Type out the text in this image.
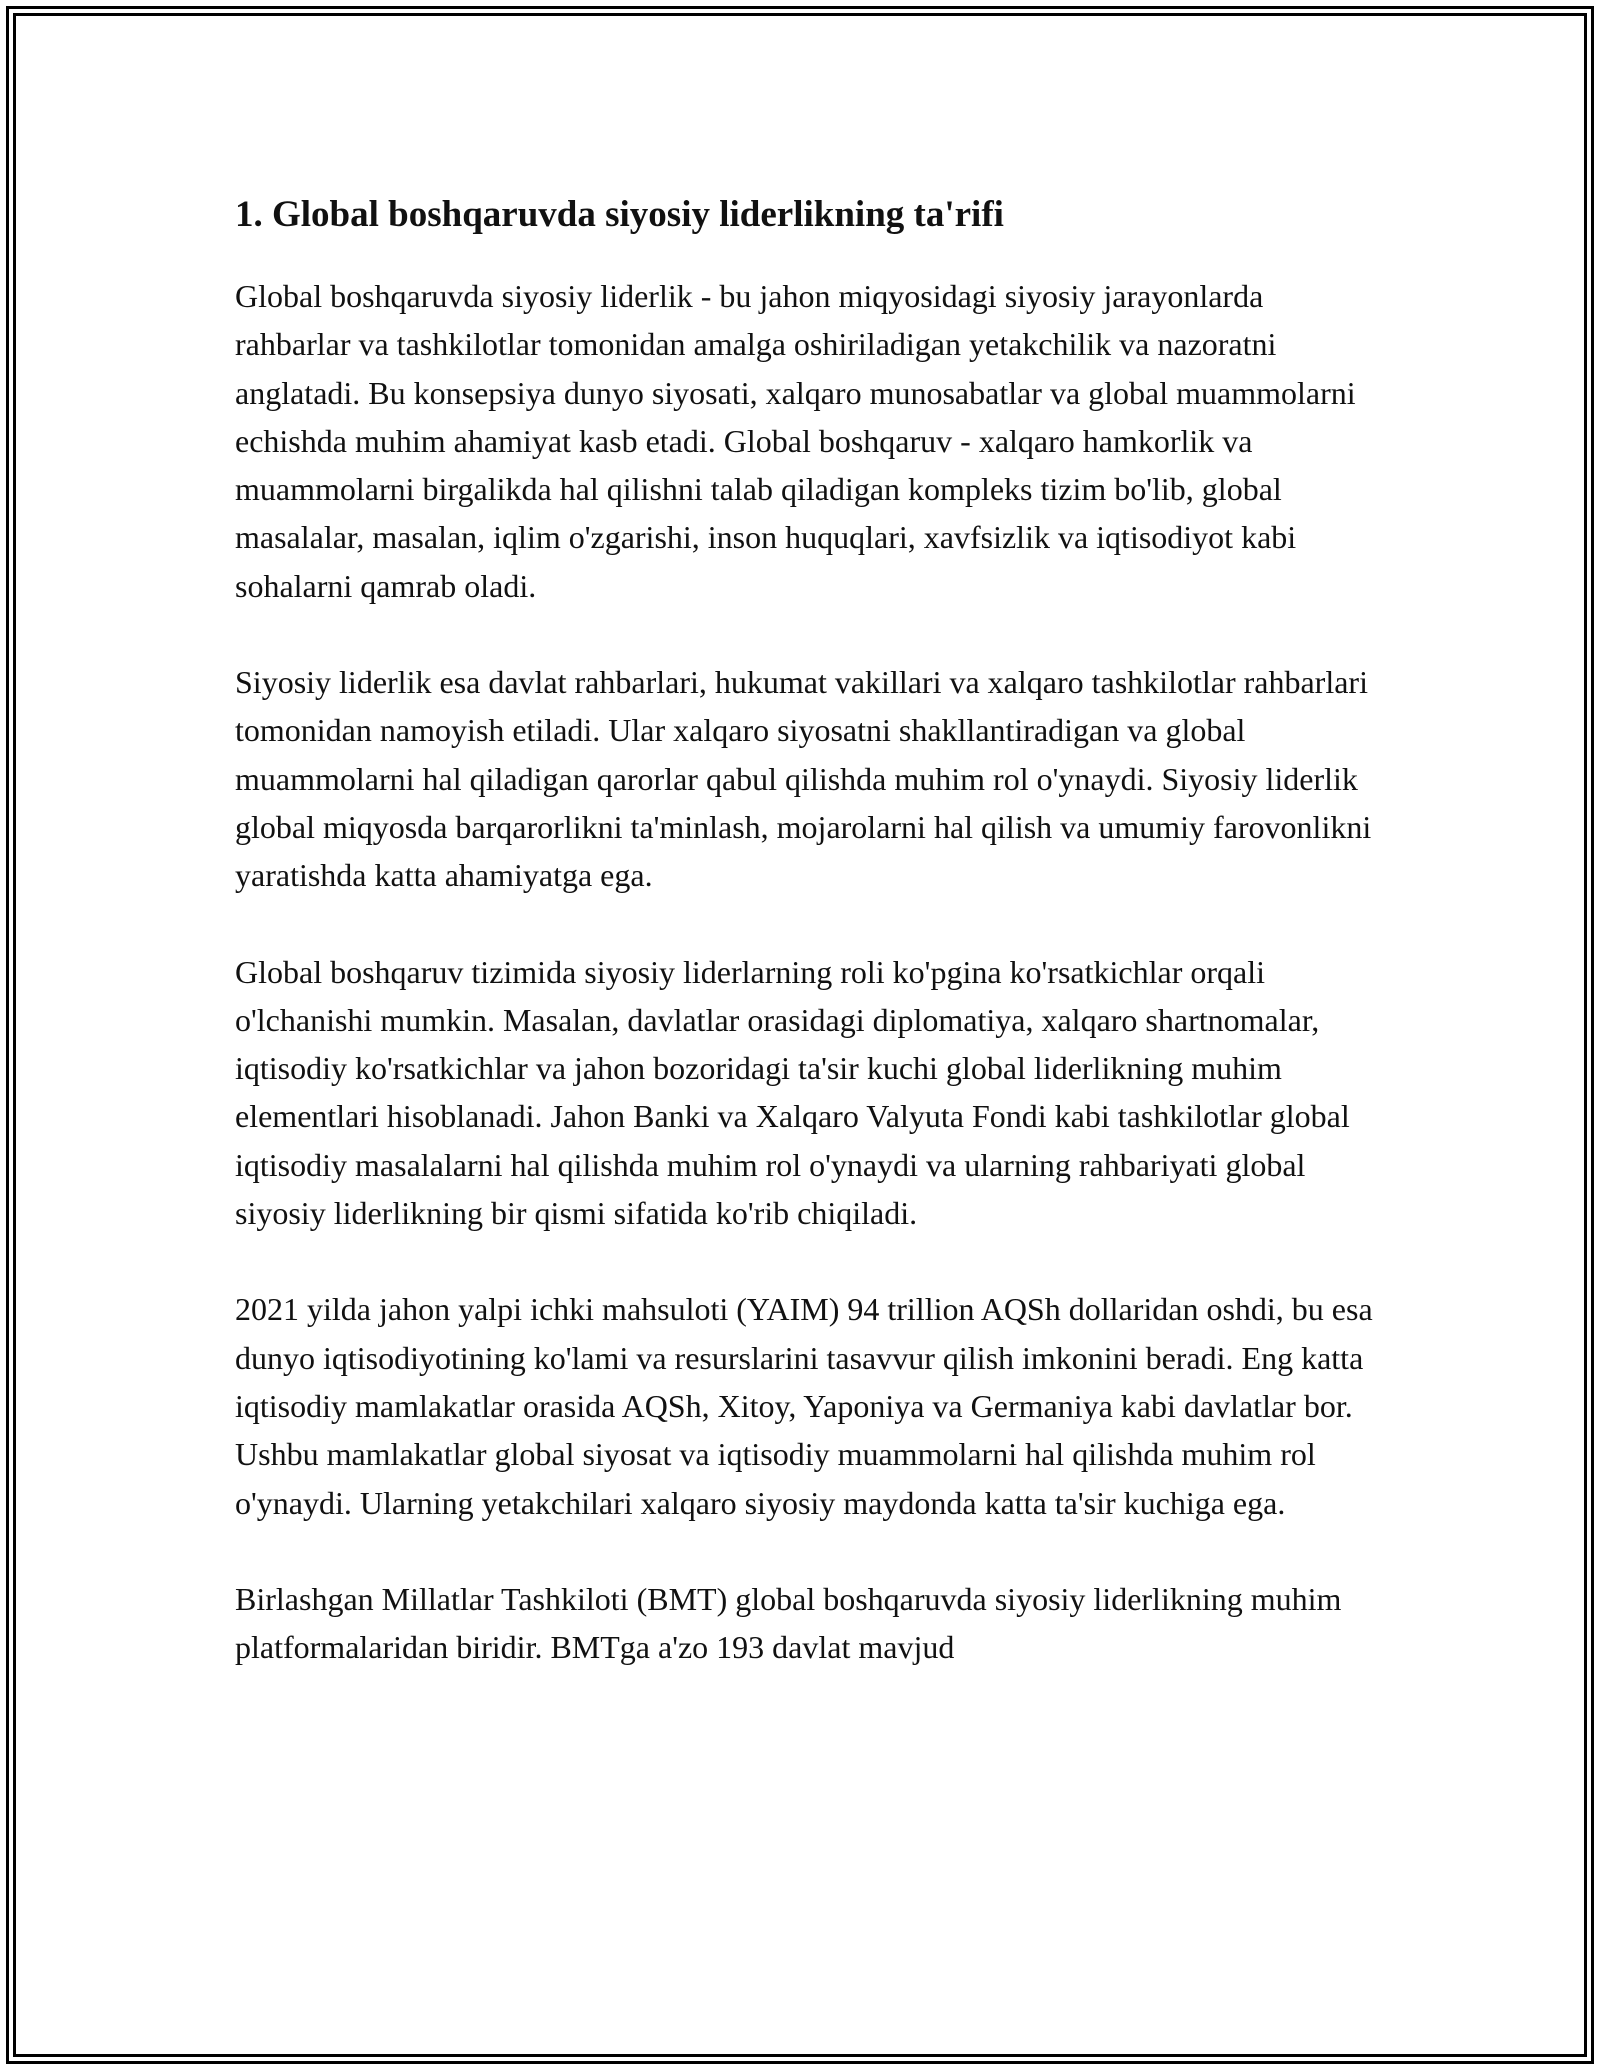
1. Global boshqaruvda siyosiy liderlikning ta'rifi

Global boshqaruvda siyosiy liderlik - bu jahon miqyosidagi siyosiy jarayonlarda rahbarlar va tashkilotlar tomonidan amalga oshiriladigan yetakchilik va nazoratni anglatadi. Bu konsepsiya dunyo siyosati, xalqaro munosabatlar va global muammolarni echishda muhim ahamiyat kasb etadi. Global boshqaruv - xalqaro hamkorlik va muammolarni birgalikda hal qilishni talab qiladigan kompleks tizim bo'lib, global masalalar, masalan, iqlim o'zgarishi, inson huquqlari, xavfsizlik va iqtisodiyot kabi sohalarni qamrab oladi.

Siyosiy liderlik esa davlat rahbarlari, hukumat vakillari va xalqaro tashkilotlar rahbarlari tomonidan namoyish etiladi. Ular xalqaro siyosatni shakllantiradigan va global muammolarni hal qiladigan qarorlar qabul qilishda muhim rol o'ynaydi. Siyosiy liderlik global miqyosda barqarorlikni ta'minlash, mojarolarni hal qilish va umumiy farovonlikni yaratishda katta ahamiyatga ega.

Global boshqaruv tizimida siyosiy liderlarning roli ko'pgina ko'rsatkichlar orqali o'lchanishi mumkin. Masalan, davlatlar orasidagi diplomatiya, xalqaro shartnomalar, iqtisodiy ko'rsatkichlar va jahon bozoridagi ta'sir kuchi global liderlikning muhim elementlari hisoblanadi. Jahon Banki va Xalqaro Valyuta Fondi kabi tashkilotlar global iqtisodiy masalalarni hal qilishda muhim rol o'ynaydi va ularning rahbariyati global siyosiy liderlikning bir qismi sifatida ko'rib chiqiladi.

2021 yilda jahon yalpi ichki mahsuloti (YAIM) 94 trillion AQSh dollaridan oshdi, bu esa dunyo iqtisodiyotining ko'lami va resurslarini tasavvur qilish imkonini beradi. Eng katta iqtisodiy mamlakatlar orasida AQSh, Xitoy, Yaponiya va Germaniya kabi davlatlar bor. Ushbu mamlakatlar global siyosat va iqtisodiy muammolarni hal qilishda muhim rol o'ynaydi. Ularning yetakchilari xalqaro siyosiy maydonda katta ta'sir kuchiga ega.

Birlashgan Millatlar Tashkiloti (BMT) global boshqaruvda siyosiy liderlikning muhim platformalaridan biridir. BMTga a'zo 193 davlat mavjud
